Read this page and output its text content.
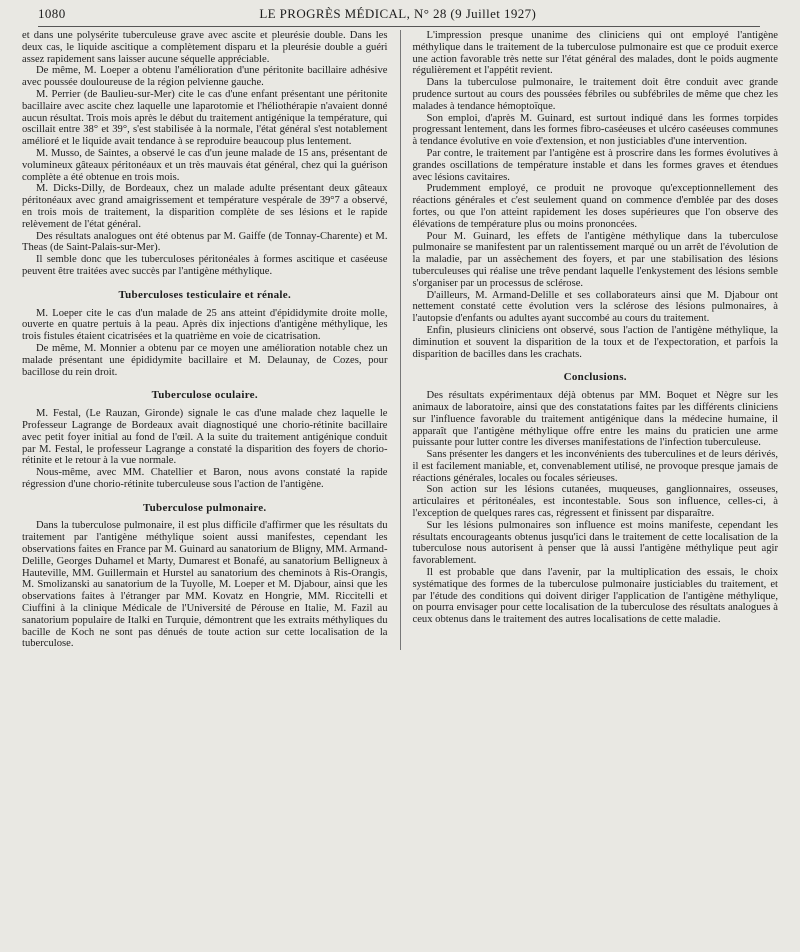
1080	LE PROGRÈS MÉDICAL, N° 28 (9 Juillet 1927)

et dans une polysérite tuberculeuse grave avec ascite et pleurésie double. Dans les deux cas, le liquide ascitique a complètement disparu et la pleurésie double a guéri assez rapidement sans laisser aucune séquelle appréciable.

De même, M. Loeper a obtenu l'amélioration d'une péritonite bacillaire adhésive avec poussée douloureuse de la région pelvienne gauche.

M. Perrier (de Baulieu-sur-Mer) cite le cas d'une enfant présentant une péritonite bacillaire avec ascite chez laquelle une laparotomie et l'héliothérapie n'avaient donné aucun résultat. Trois mois après le début du traitement antigénique la température, qui oscillait entre 38° et 39°, s'est stabilisée à la normale, l'état général s'est notablement amélioré et le liquide avait tendance à se reproduire beaucoup plus lentement.

M. Musso, de Saintes, a observé le cas d'un jeune malade de 15 ans, présentant de volumineux gâteaux péritonéaux et un très mauvais état général, chez qui la guérison complète a été obtenue en trois mois.

M. Dicks-Dilly, de Bordeaux, chez un malade adulte présentant deux gâteaux péritonéaux avec grand amaigrissement et température vespérale de 39°7 a observé, en trois mois de traitement, la disparition complète de ses lésions et le rapide relèvement de l'état général.

Des résultats analogues ont été obtenus par M. Gaiffe (de Tonnay-Charente) et M. Theas (de Saint-Palais-sur-Mer).

Il semble donc que les tuberculoses péritonéales à formes ascitique et caséeuse peuvent être traitées avec succès par l'antigène méthylique.

Tuberculoses testiculaire et rénale.

M. Loeper cite le cas d'un malade de 25 ans atteint d'épididymite droite molle, ouverte en quatre pertuis à la peau. Après dix injections d'antigène méthylique, les trois fistules étaient cicatrisées et la quatrième en voie de cicatrisation.

De même, M. Monnier a obtenu par ce moyen une amélioration notable chez un malade présentant une épididymite bacillaire et M. Delaunay, de Cozes, pour bacillose du rein droit.

Tuberculose oculaire.

M. Festal, (Le Rauzan, Gironde) signale le cas d'une malade chez laquelle le Professeur Lagrange de Bordeaux avait diagnostiqué une chorio-rétinite bacillaire avec petit foyer initial au fond de l'œil. A la suite du traitement antigénique conduit par M. Festal, le professeur Lagrange a constaté la disparition des foyers de chorio-rétinite et le retour à la vue normale.

Nous-même, avec MM. Chatellier et Baron, nous avons constaté la rapide régression d'une chorio-rétinite tuberculeuse sous l'action de l'antigène.

Tuberculose pulmonaire.

Dans la tuberculose pulmonaire, il est plus difficile d'affirmer que les résultats du traitement par l'antigène méthylique soient aussi manifestes, cependant les observations faites en France par M. Guinard au sanatorium de Bligny, MM. Armand-Delille, Georges Duhamel et Marty, Dumarest et Bonafé, au sanatorium Belligneux à Hauteville, MM. Guillermain et Hurstel au sanatorium des cheminots à Ris-Orangis, M. Smolizanski au sanatorium de la Tuyolle, M. Loeper et M. Djabour, ainsi que les observations faites à l'étranger par MM. Kovatz en Hongrie, MM. Riccitelli et Ciuffini à la clinique Médicale de l'Université de Pérouse en Italie, M. Fazil au sanatorium populaire de Italki en Turquie, démontrent que les extraits méthyliques du bacille de Koch ne sont pas dénués de toute action sur cette localisation de la tuberculose.

L'impression presque unanime des cliniciens qui ont employé l'antigène méthylique dans le traitement de la tuberculose pulmonaire est que ce produit exerce une action favorable très nette sur l'état général des malades, dont le poids augmente régulièrement et l'appétit revient.

Dans la tuberculose pulmonaire, le traitement doit être conduit avec grande prudence surtout au cours des poussées fébriles ou subfébriles de même que chez les malades à tendance hémoptoïque.

Son emploi, d'après M. Guinard, est surtout indiqué dans les formes torpides progressant lentement, dans les formes fibro-caséeuses et ulcéro caséeuses communes à tendance évolutive en voie d'extension, et non justiciables d'une intervention.

Par contre, le traitement par l'antigène est à proscrire dans les formes évolutives à grandes oscillations de température instable et dans les formes graves et étendues avec lésions cavitaires.

Prudemment employé, ce produit ne provoque qu'exceptionnellement des réactions générales et c'est seulement quand on commence d'emblée par des doses fortes, ou que l'on atteint rapidement les doses supérieures que l'on observe des élévations de température plus ou moins prononcées.

Pour M. Guinard, les effets de l'antigène méthylique dans la tuberculose pulmonaire se manifestent par un ralentissement marqué ou un arrêt de l'évolution de la maladie, par un assèchement des foyers, et par une stabilisation des lésions tuberculeuses qui réalise une trêve pendant laquelle l'enkystement des lésions semble s'organiser par un processus de sclérose.

D'ailleurs, M. Armand-Delille et ses collaborateurs ainsi que M. Djabour ont nettement constaté cette évolution vers la sclérose des lésions pulmonaires, à l'autopsie d'enfants ou adultes ayant succombé au cours du traitement.

Enfin, plusieurs cliniciens ont observé, sous l'action de l'antigène méthylique, la diminution et souvent la disparition de la toux et de l'expectoration, et parfois la disparition de bacilles dans les crachats.

Conclusions.

Des résultats expérimentaux déjà obtenus par MM. Boquet et Nègre sur les animaux de laboratoire, ainsi que des constatations faites par les différents cliniciens sur l'influence favorable du traitement antigénique dans la médecine humaine, il apparaît que l'antigène méthylique offre entre les mains du praticien une arme puissante pour lutter contre les diverses manifestations de l'infection tuberculeuse.

Sans présenter les dangers et les inconvénients des tuberculines et de leurs dérivés, il est facilement maniable, et, convenablement utilisé, ne provoque presque jamais de réactions générales, locales ou focales sérieuses.

Son action sur les lésions cutanées, muqueuses, ganglionnaires, osseuses, articulaires et péritonéales, est incontestable. Sous son influence, celles-ci, à l'exception de quelques rares cas, régressent et finissent par disparaître.

Sur les lésions pulmonaires son influence est moins manifeste, cependant les résultats encourageants obtenus jusqu'ici dans le traitement de cette localisation de la tuberculose nous autorisent à penser que là aussi l'antigène méthylique peut agir favorablement.

Il est probable que dans l'avenir, par la multiplication des essais, le choix systématique des formes de la tuberculose pulmonaire justiciables du traitement, et par l'étude des conditions qui doivent diriger l'application de l'antigène méthylique, on pourra envisager pour cette localisation de la tuberculose des résultats analogues à ceux obtenus dans le traitement des autres localisations de cette maladie.
